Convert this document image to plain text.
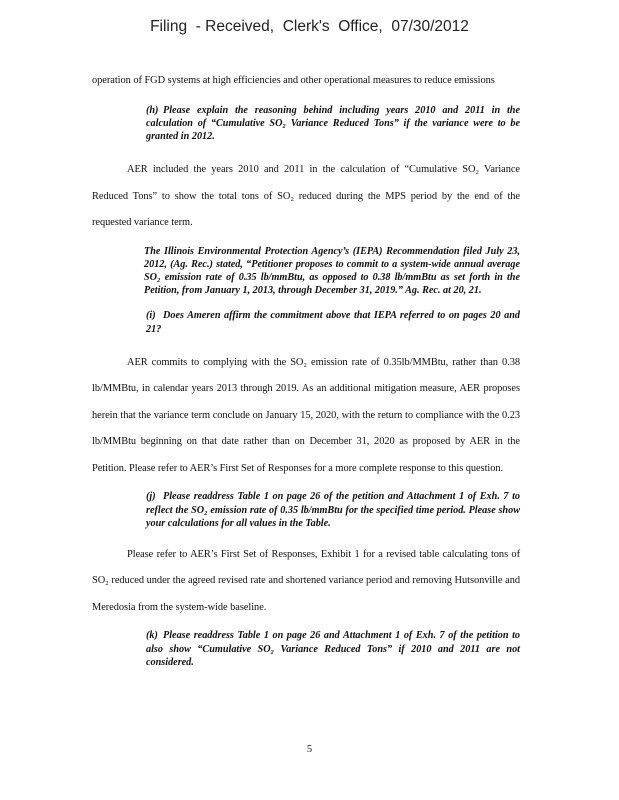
Filing  - Received,  Clerk's  Office,  07/30/2012

operation of FGD systems at high efficiencies and other operational measures to reduce emissions

(h) Please explain the reasoning behind including years 2010 and 2011 in the calculation of “Cumulative SO₂ Variance Reduced Tons” if the variance were to be granted in 2012.

AER included the years 2010 and 2011 in the calculation of “Cumulative SO₂ Variance Reduced Tons” to show the total tons of SO₂ reduced during the MPS period by the end of the requested variance term.

The Illinois Environmental Protection Agency’s (IEPA) Recommendation filed July 23, 2012, (Ag. Rec.) stated, “Petitioner proposes to commit to a system-wide annual average SO₂ emission rate of 0.35 lb/mmBtu, as opposed to 0.38 lb/mmBtu as set forth in the Petition, from January 1, 2013, through December 31, 2019.” Ag. Rec. at 20, 21.

(i) Does Ameren affirm the commitment above that IEPA referred to on pages 20 and 21?

AER commits to complying with the SO₂ emission rate of 0.35lb/MMBtu, rather than 0.38 lb/MMBtu, in calendar years 2013 through 2019. As an additional mitigation measure, AER proposes herein that the variance term conclude on January 15, 2020, with the return to compliance with the 0.23 lb/MMBtu beginning on that date rather than on December 31, 2020 as proposed by AER in the Petition. Please refer to AER’s First Set of Responses for a more complete response to this question.

(j) Please readdress Table 1 on page 26 of the petition and Attachment 1 of Exh. 7 to reflect the SO₂ emission rate of 0.35 lb/mmBtu for the specified time period. Please show your calculations for all values in the Table.

Please refer to AER’s First Set of Responses, Exhibit 1 for a revised table calculating tons of SO₂ reduced under the agreed revised rate and shortened variance period and removing Hutsonville and Meredosia from the system-wide baseline.

(k) Please readdress Table 1 on page 26 and Attachment 1 of Exh. 7 of the petition to also show “Cumulative SO₂ Variance Reduced Tons” if 2010 and 2011 are not considered.

5
